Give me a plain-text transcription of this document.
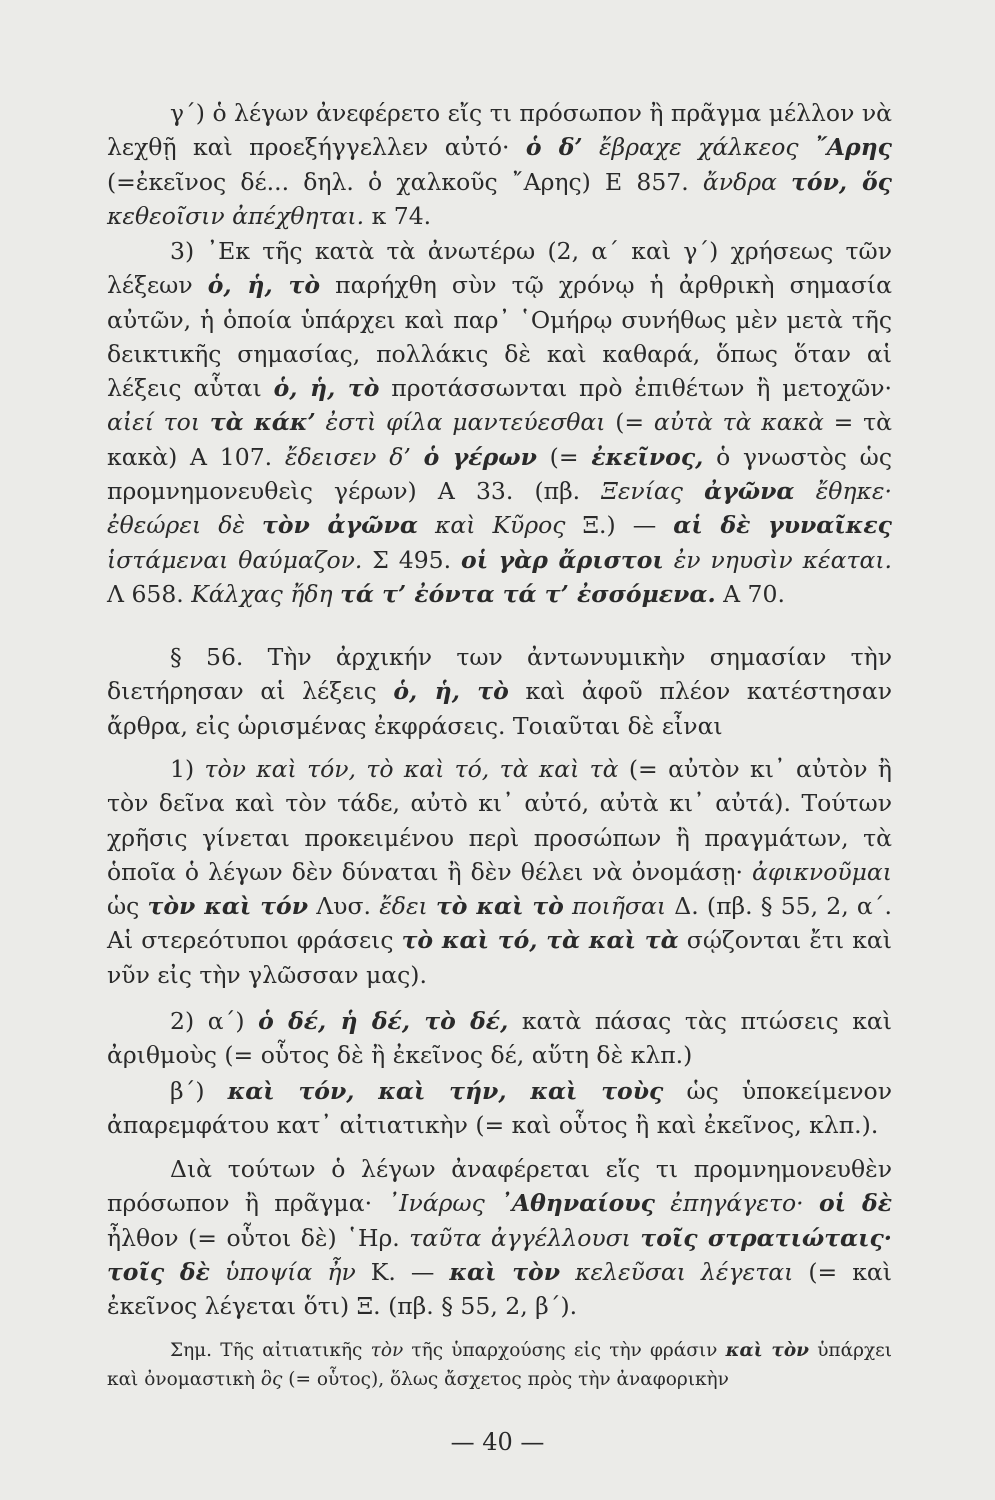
γ΄) ὁ λέγων ἀνεφέρετο εἴς τι πρόσωπον ἢ πρᾶγμα μέλλον νὰ λεχθῇ καὶ προεξήγγελλεν αὐτό· ὁ δ’ ἔβραχε χάλκεος ῎Αρης (=ἐκεῖνος δέ... δηλ. ὁ χαλκοῦς ῎Αρης) Ε 857. ἄνδρα τόν, ὅς κεθεοῖσιν ἀπέχθηται. κ 74.

3) ᾿Εκ τῆς κατὰ τὰ ἀνωτέρω (2, α΄ καὶ γ΄) χρήσεως τῶν λέξεων ὁ, ἡ, τὸ παρήχθη σὺν τῷ χρόνῳ ἡ ἀρθρικὴ σημασία αὐτῶν, ἡ ὁποία ὑπάρχει καὶ παρ᾿ ῾Ομήρῳ συνήθως μὲν μετὰ τῆς δεικτικῆς σημασίας, πολλάκις δὲ καὶ καθαρά, ὅπως ὅταν αἱ λέξεις αὗται ὁ, ἡ, τὸ προτάσσωνται πρὸ ἐπιθέτων ἢ μετοχῶν· αἰεί τοι τὰ κάκ’ ἐστὶ φίλα μαντεύεσθαι (= αὐτὰ τὰ κακὰ = τὰ κακὰ) Α 107. ἔδεισεν δ’ ὁ γέρων (= ἐκεῖνος, ὁ γνωστὸς ὡς προμνημονευθεὶς γέρων) Α 33. (πβ. Ξενίας ἀγῶνα ἔθηκε· ἐθεώρει δὲ τὸν ἀγῶνα καὶ Κῦρος Ξ.) — αἱ δὲ γυναῖκες ἱστάμεναι θαύμαζον. Σ 495. οἱ γὰρ ἄριστοι ἐν νηυσὶν κέαται. Λ 658. Κάλχας ἤδη τά τ’ ἐόντα τά τ’ ἐσσόμενα. Α 70.

§ 56. Τὴν ἀρχικήν των ἀντωνυμικὴν σημασίαν τὴν διετήρησαν αἱ λέξεις ὁ, ἡ, τὸ καὶ ἀφοῦ πλέον κατέστησαν ἄρθρα, εἰς ὡρισμένας ἐκφράσεις. Τοιαῦται δὲ εἶναι

1) τὸν καὶ τόν, τὸ καὶ τό, τὰ καὶ τὰ (= αὐτὸν κι᾿ αὐτὸν ἢ τὸν δεῖνα καὶ τὸν τάδε, αὐτὸ κι᾿ αὐτό, αὐτὰ κι᾿ αὐτά). Τούτων χρῆσις γίνεται προκειμένου περὶ προσώπων ἢ πραγμάτων, τὰ ὁποῖα ὁ λέγων δὲν δύναται ἢ δὲν θέλει νὰ ὀνομάσῃ· ἀφικνοῦμαι ὡς τὸν καὶ τόν Λυσ. ἔδει τὸ καὶ τὸ ποιῆσαι Δ. (πβ. § 55, 2, α΄. Αἱ στερεότυποι φράσεις τὸ καὶ τό, τὰ καὶ τὰ σῴζονται ἔτι καὶ νῦν εἰς τὴν γλῶσσαν μας).

2) α΄) ὁ δέ, ἡ δέ, τὸ δέ, κατὰ πάσας τὰς πτώσεις καὶ ἀριθμοὺς (= οὗτος δὲ ἢ ἐκεῖνος δέ, αὕτη δὲ κλπ.)

β΄) καὶ τόν, καὶ τήν, καὶ τοὺς ὡς ὑποκείμενον ἀπαρεμφάτου κατ᾿ αἰτιατικὴν (= καὶ οὗτος ἢ καὶ ἐκεῖνος, κλπ.).

Διὰ τούτων ὁ λέγων ἀναφέρεται εἴς τι προμνημονευθὲν πρόσωπον ἢ πρᾶγμα· ᾿Ινάρως ᾿Αθηναίους ἐπηγάγετο· οἱ δὲ ἦλθον (= οὗτοι δὲ) ῾Ηρ. ταῦτα ἀγγέλλουσι τοῖς στρατιώταις· τοῖς δὲ ὑποψία ἦν Κ. — καὶ τὸν κελεῦσαι λέγεται (= καὶ ἐκεῖνος λέγεται ὅτι) Ξ. (πβ. § 55, 2, β΄).

Σημ. Τῆς αἰτιατικῆς τὸν τῆς ὑπαρχούσης εἰς τὴν φράσιν καὶ τὸν ὑπάρχει καὶ ὀνομαστικὴ ὃς (= οὗτος), ὅλως ἄσχετος πρὸς τὴν ἀναφορικὴν

— 40 —
